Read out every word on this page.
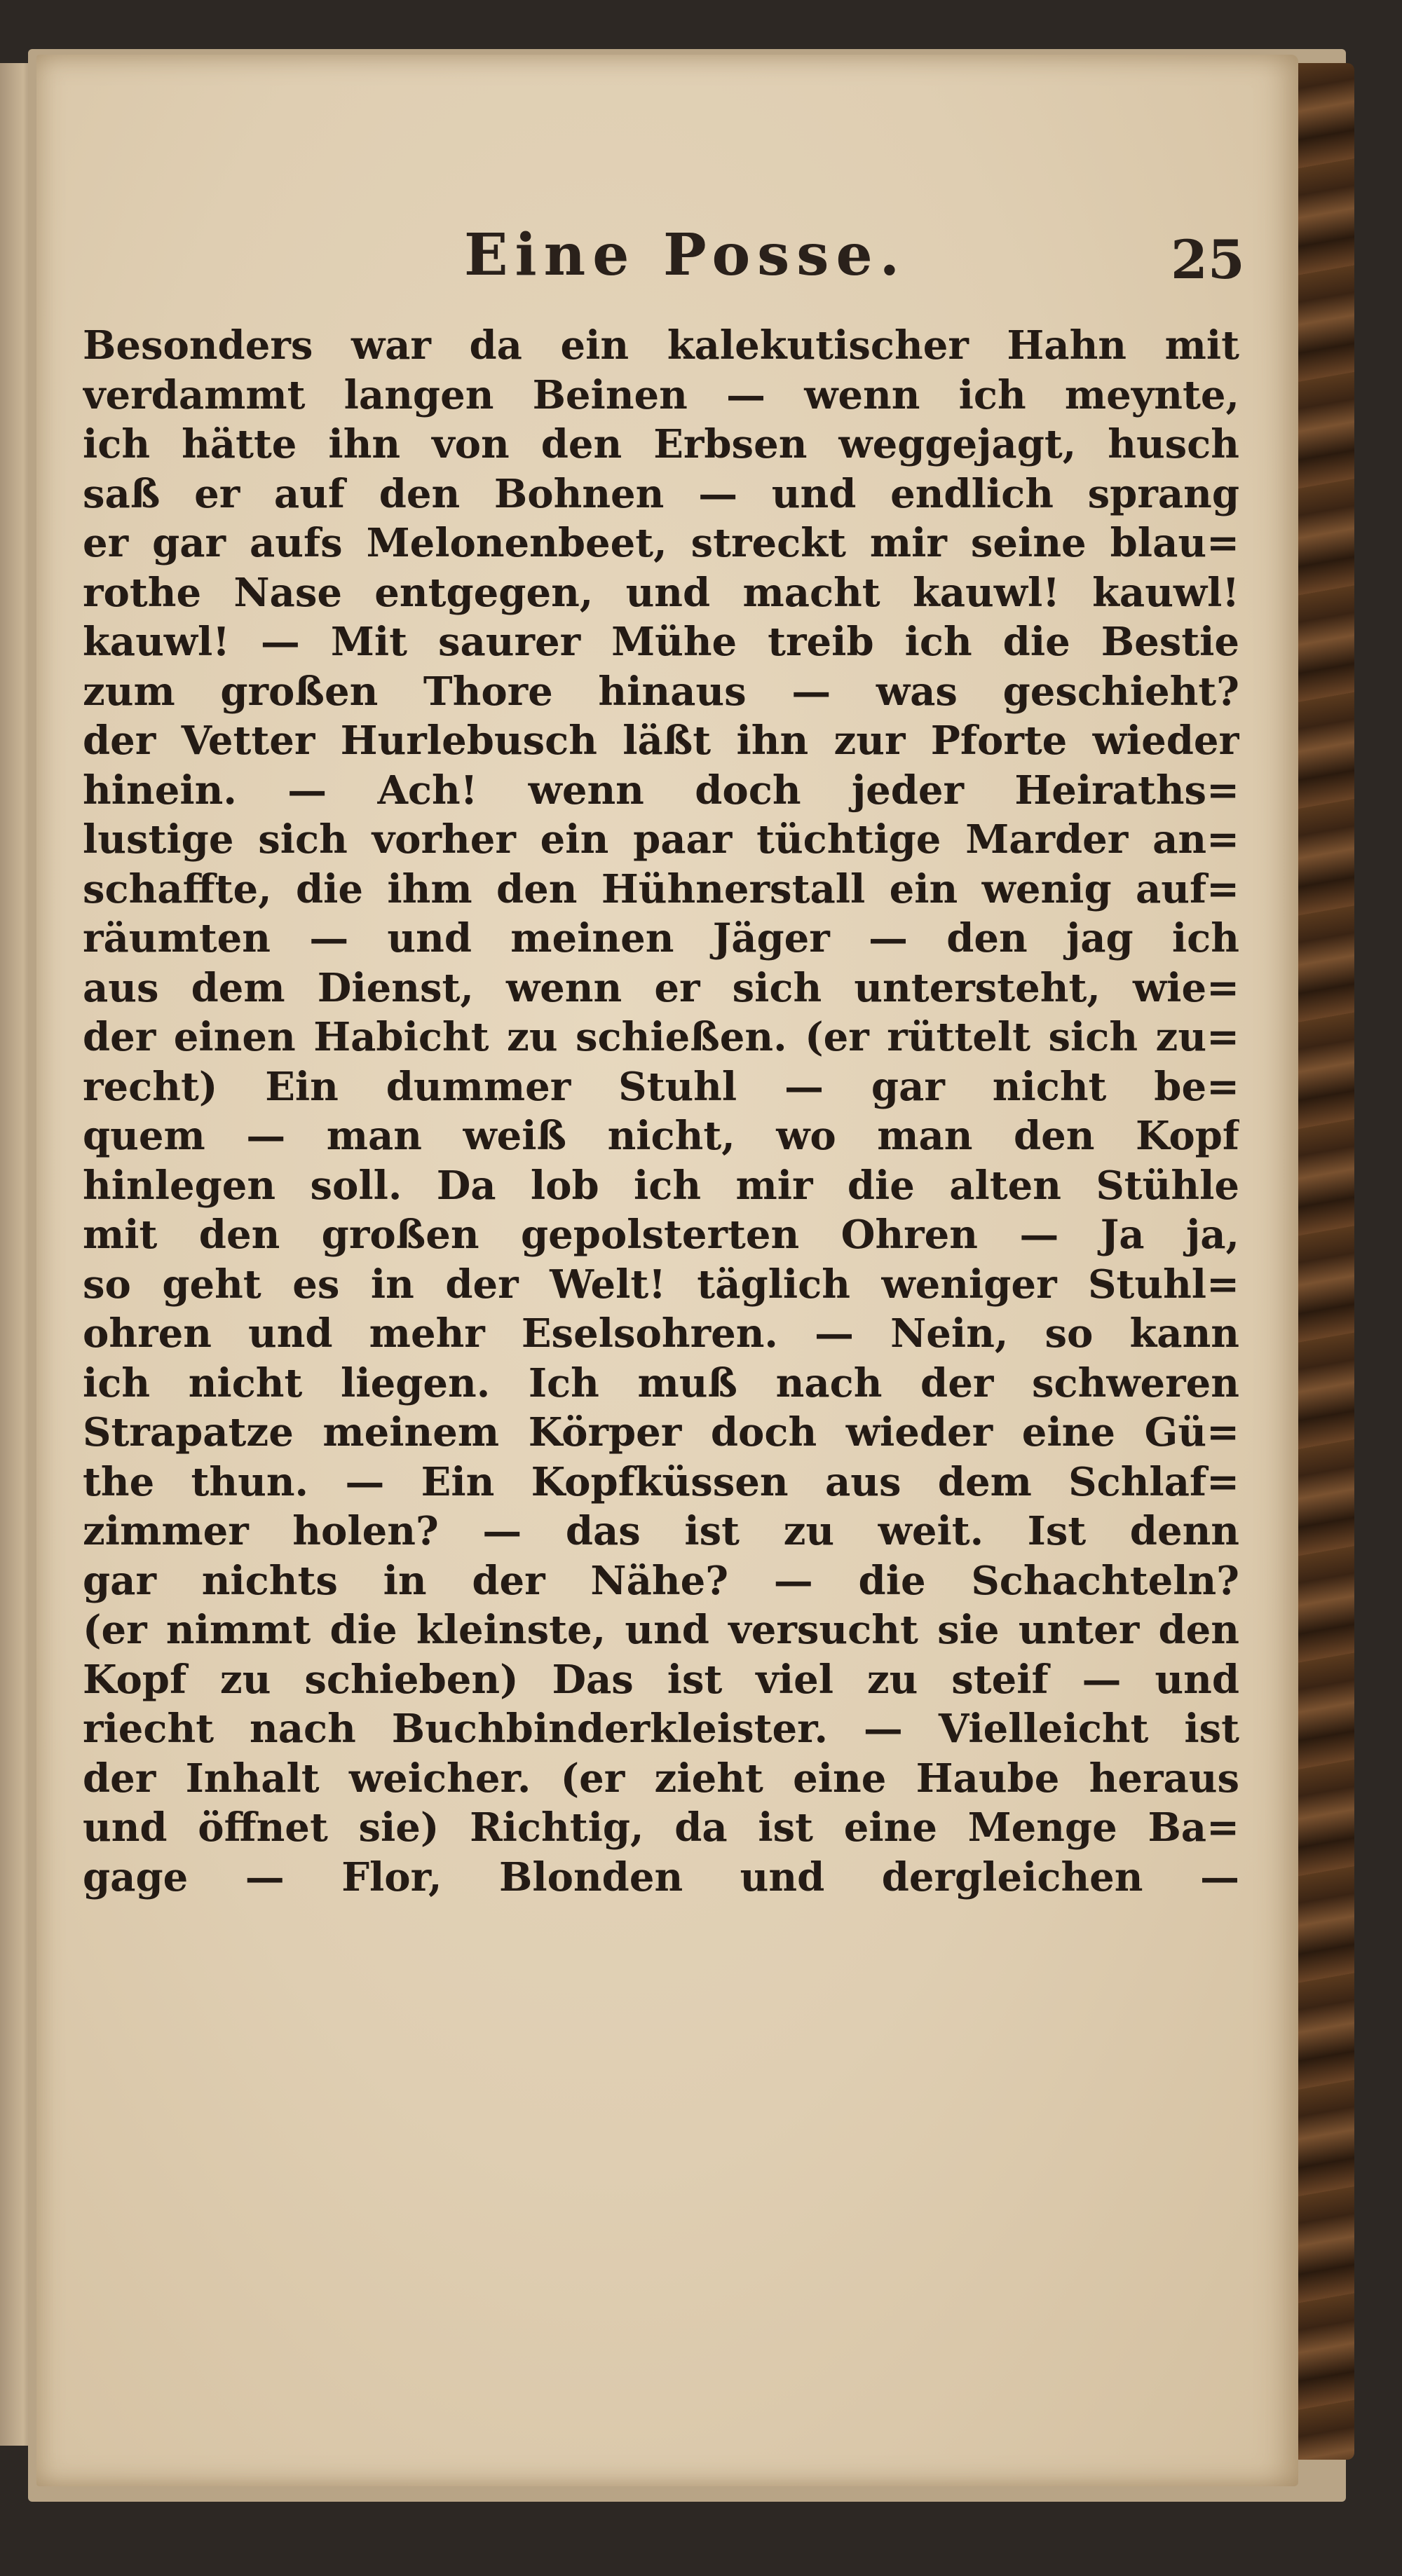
Eine Posse.	25
Besonders war da ein kalekutischer Hahn mit
verdammt langen Beinen — wenn ich meynte,
ich hätte ihn von den Erbsen weggejagt, husch
saß er auf den Bohnen — und endlich sprang
er gar aufs Melonenbeet, streckt mir seine blau=
rothe Nase entgegen, und macht kauwl! kauwl!
kauwl! — Mit saurer Mühe treib ich die Bestie
zum großen Thore hinaus — was geschieht?
der Vetter Hurlebusch läßt ihn zur Pforte wieder
hinein. — Ach! wenn doch jeder Heiraths=
lustige sich vorher ein paar tüchtige Marder an=
schaffte, die ihm den Hühnerstall ein wenig auf=
räumten — und meinen Jäger — den jag ich
aus dem Dienst, wenn er sich untersteht, wie=
der einen Habicht zu schießen. (er rüttelt sich zu=
recht) Ein dummer Stuhl — gar nicht be=
quem — man weiß nicht, wo man den Kopf
hinlegen soll. Da lob ich mir die alten Stühle
mit den großen gepolsterten Ohren — Ja ja,
so geht es in der Welt! täglich weniger Stuhl=
ohren und mehr Eselsohren. — Nein, so kann
ich nicht liegen. Ich muß nach der schweren
Strapatze meinem Körper doch wieder eine Gü=
the thun. — Ein Kopfküssen aus dem Schlaf=
zimmer holen? — das ist zu weit. Ist denn
gar nichts in der Nähe? — die Schachteln?
(er nimmt die kleinste, und versucht sie unter den
Kopf zu schieben) Das ist viel zu steif — und
riecht nach Buchbinderkleister. — Vielleicht ist
der Inhalt weicher. (er zieht eine Haube heraus
und öffnet sie) Richtig, da ist eine Menge Ba=
gage — Flor, Blonden und dergleichen —
